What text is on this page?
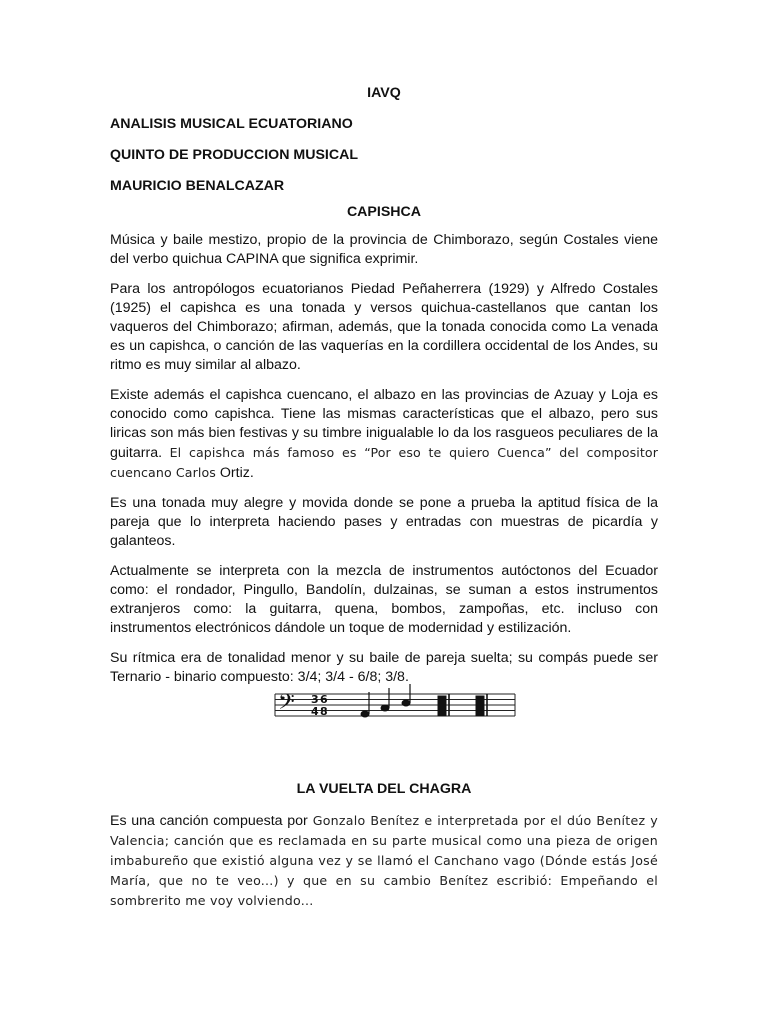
IAVQ
ANALISIS MUSICAL ECUATORIANO
QUINTO DE PRODUCCION MUSICAL
MAURICIO BENALCAZAR
CAPISHCA

Música y baile mestizo, propio de la provincia de Chimborazo, según Costales viene del verbo quichua CAPINA que significa exprimir.

Para los antropólogos ecuatorianos Piedad Peñaherrera (1929) y Alfredo Costales (1925) el capishca es una tonada y versos quichua-castellanos que cantan los vaqueros del Chimborazo; afirman, además, que la tonada conocida como La venada es un capishca, o canción de las vaquerías en la cordillera occidental de los Andes, su ritmo es muy similar al albazo.

Existe además el capishca cuencano, el albazo en las provincias de Azuay y Loja es conocido como capishca. Tiene las mismas características que el albazo, pero sus liricas son más bien festivas y su timbre inigualable lo da los rasgueos peculiares de la guitarra. El capishca más famoso es “Por eso te quiero Cuenca” del compositor cuencano Carlos Ortiz.

Es una tonada muy alegre y movida donde se pone a prueba la aptitud física de la pareja que lo interpreta haciendo pases y entradas con muestras de picardía y galanteos.

Actualmente se interpreta con la mezcla de instrumentos autóctonos del Ecuador como: el rondador, Pingullo, Bandolín, dulzainas, se suman a estos instrumentos extranjeros como: la guitarra, quena, bombos, zampoñas, etc. incluso con instrumentos electrónicos dándole un toque de modernidad y estilización.

Su rítmica era de tonalidad menor y su baile de pareja suelta; su compás puede ser Ternario - binario compuesto: 3/4; 3/4 - 6/8; 3/8.

𝄢 3
4
6
8
LA VUELTA DEL CHAGRA

Es una canción compuesta por Gonzalo Benítez e interpretada por el dúo Benítez y Valencia; canción que es reclamada en su parte musical como una pieza de origen imbabureño que existió alguna vez y se llamó el Canchano vago (Dónde estás José María, que no te veo...) y que en su cambio Benítez escribió: Empeñando el sombrerito me voy volviendo...
